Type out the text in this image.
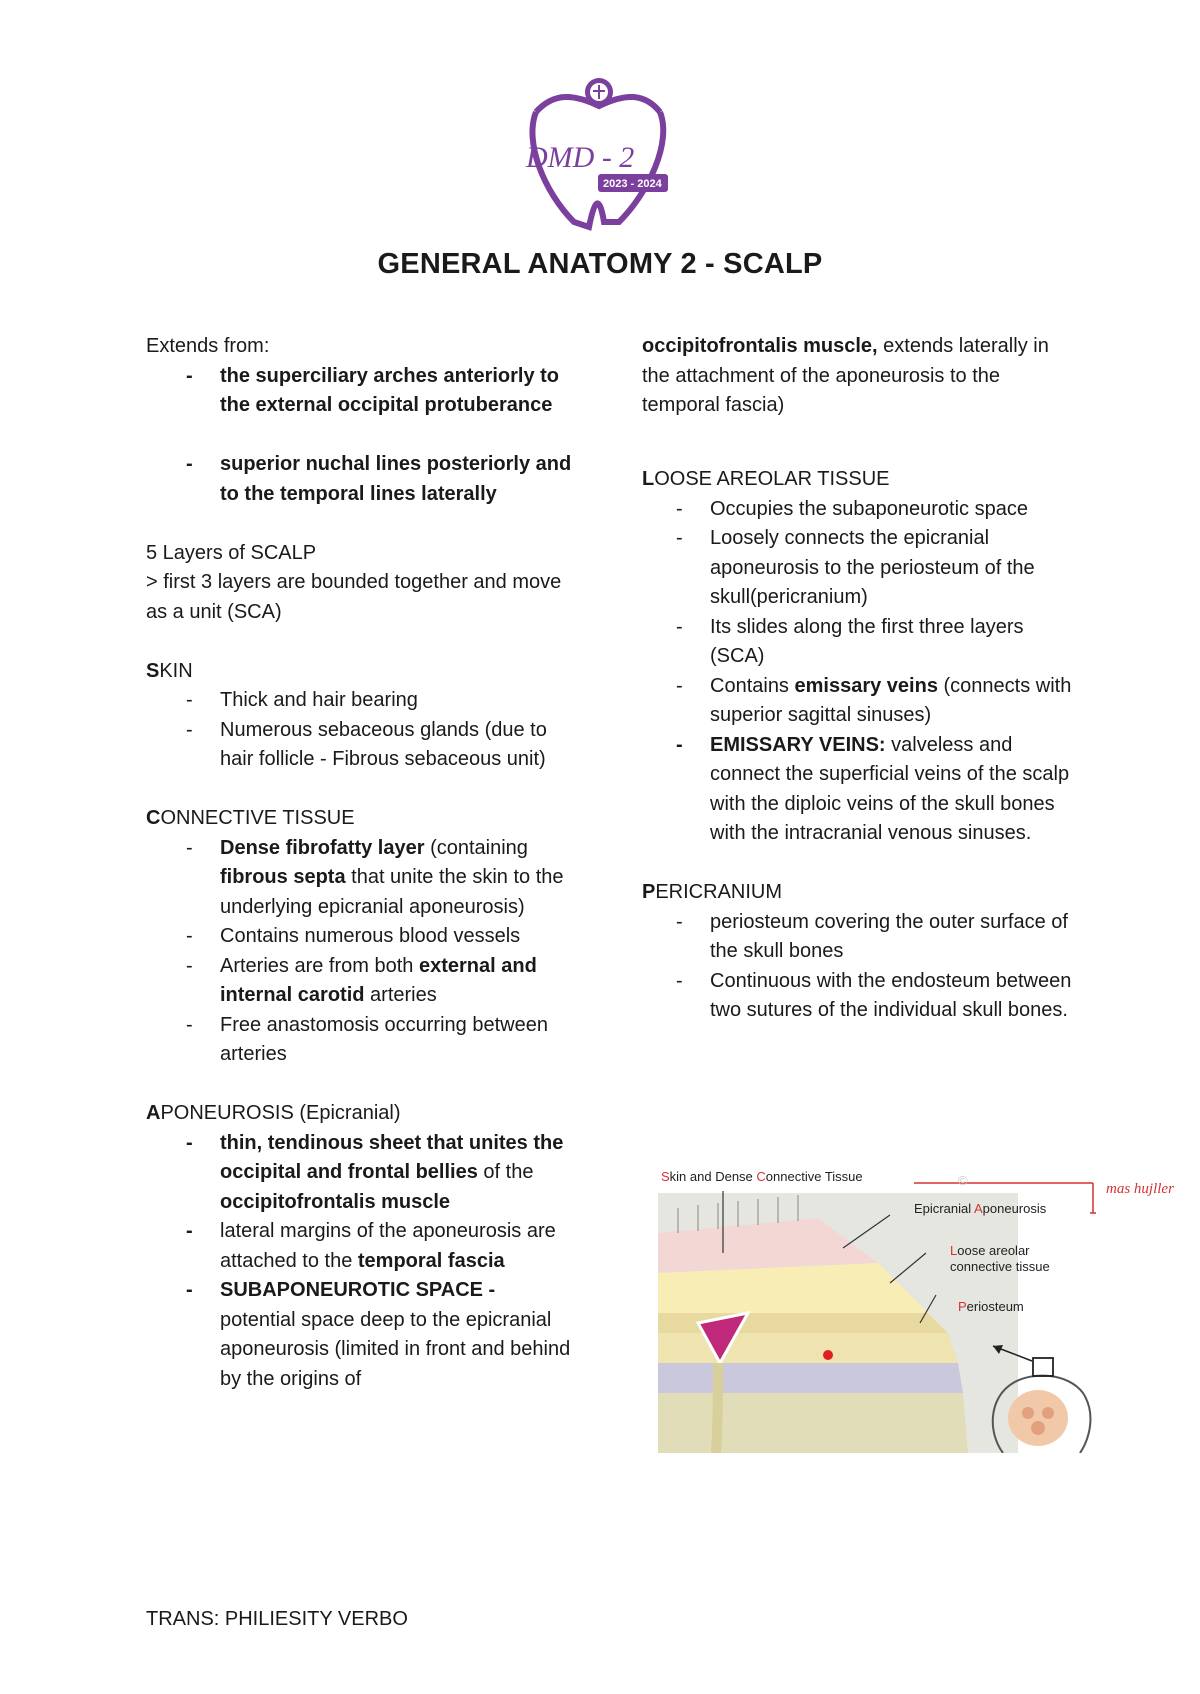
DMD - 2
2023 - 2024
GENERAL ANATOMY 2 - SCALP

Extends from:

- the superciliary arches anteriorly to the external occipital protuberance
- superior nuchal lines posteriorly and to the temporal lines laterally

5 Layers of SCALP

> first 3 layers are bounded together and move as a unit (SCA)

SKIN

- Thick and hair bearing
- Numerous sebaceous glands (due to hair follicle - Fibrous sebaceous unit)

CONNECTIVE TISSUE

- Dense fibrofatty layer (containing fibrous septa that unite the skin to the underlying epicranial aponeurosis)
- Contains numerous blood vessels
- Arteries are from both external and internal carotid arteries
- Free anastomosis occurring between arteries

APONEUROSIS (Epicranial)

- thin, tendinous sheet that unites the occipital and frontal bellies of the occipitofrontalis muscle
- lateral margins of the aponeurosis are attached to the temporal fascia
- SUBAPONEUROTIC SPACE - potential space deep to the epicranial aponeurosis (limited in front and behind by the origins of
occipitofrontalis muscle, extends laterally in the attachment of the aponeurosis to the temporal fascia)

LOOSE AREOLAR TISSUE

- Occupies the subaponeurotic space
- Loosely connects the epicranial aponeurosis to the periosteum of the skull(pericranium)
- Its slides along the first three layers (SCA)
- Contains emissary veins (connects with superior sagittal sinuses)
- EMISSARY VEINS: valveless and connect the superficial veins of the scalp with the diploic veins of the skull bones with the intracranial venous sinuses.

PERICRANIUM

- periosteum covering the outer surface of the skull bones
- Continuous with the endosteum between two sutures of the individual skull bones.
©
Skin and Dense Connective Tissue
Epicranial Aponeurosis
Loose areolar
connective tissue
Periosteum
mas hujller
TRANS: PHILIESITY VERBO
